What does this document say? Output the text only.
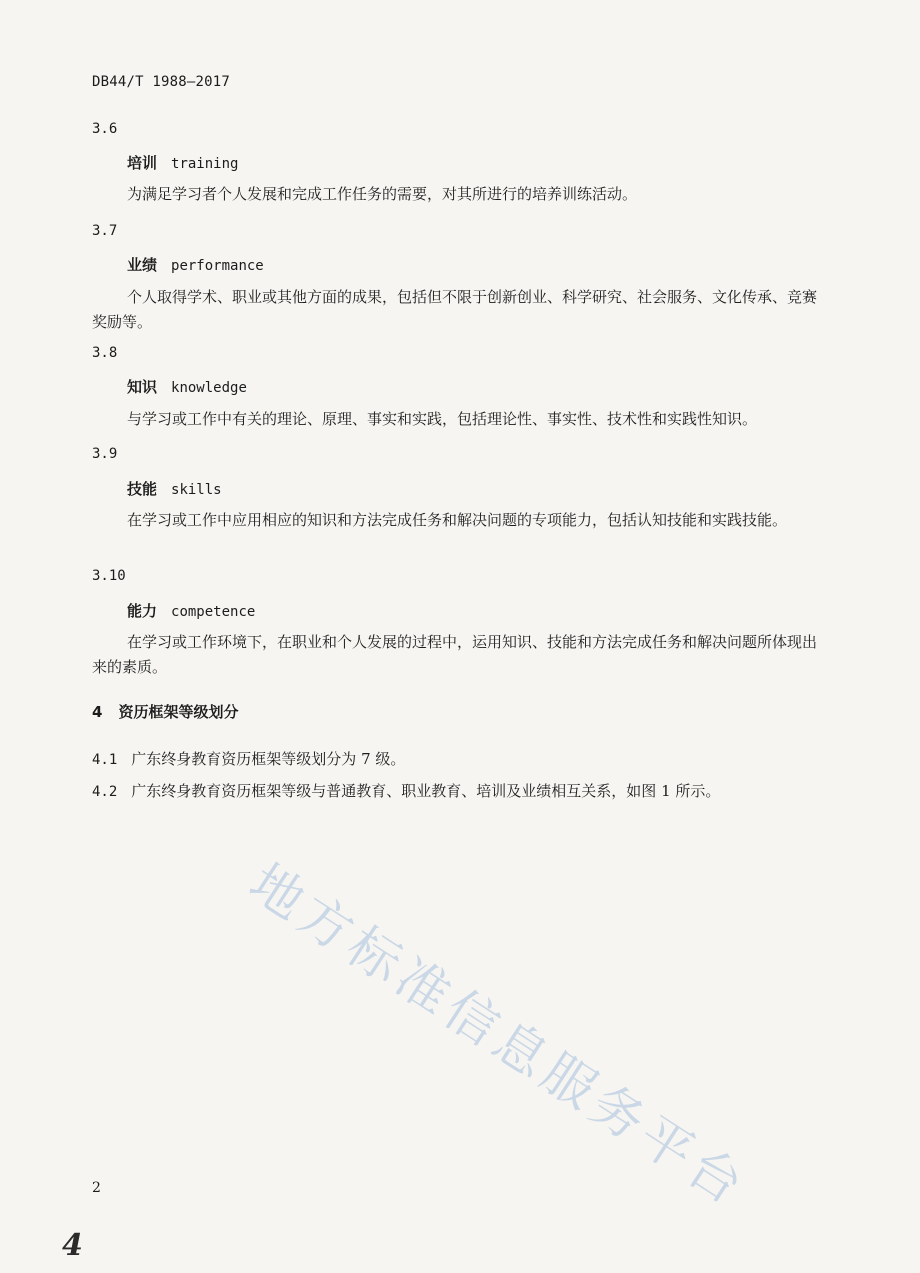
DB44/T 1988—2017
3.6
培训 training
为满足学习者个人发展和完成工作任务的需要，对其所进行的培养训练活动。
3.7
业绩 performance
个人取得学术、职业或其他方面的成果，包括但不限于创新创业、科学研究、社会服务、文化传承、竞赛奖励等。
3.8
知识 knowledge
与学习或工作中有关的理论、原理、事实和实践，包括理论性、事实性、技术性和实践性知识。
3.9
技能 skills
在学习或工作中应用相应的知识和方法完成任务和解决问题的专项能力，包括认知技能和实践技能。
3.10
能力 competence
在学习或工作环境下，在职业和个人发展的过程中，运用知识、技能和方法完成任务和解决问题所体现出来的素质。
4 资历框架等级划分
4.1 广东终身教育资历框架等级划分为 7 级。
4.2 广东终身教育资历框架等级与普通教育、职业教育、培训及业绩相互关系，如图 1 所示。
地方标准信息服务平台
2
4
